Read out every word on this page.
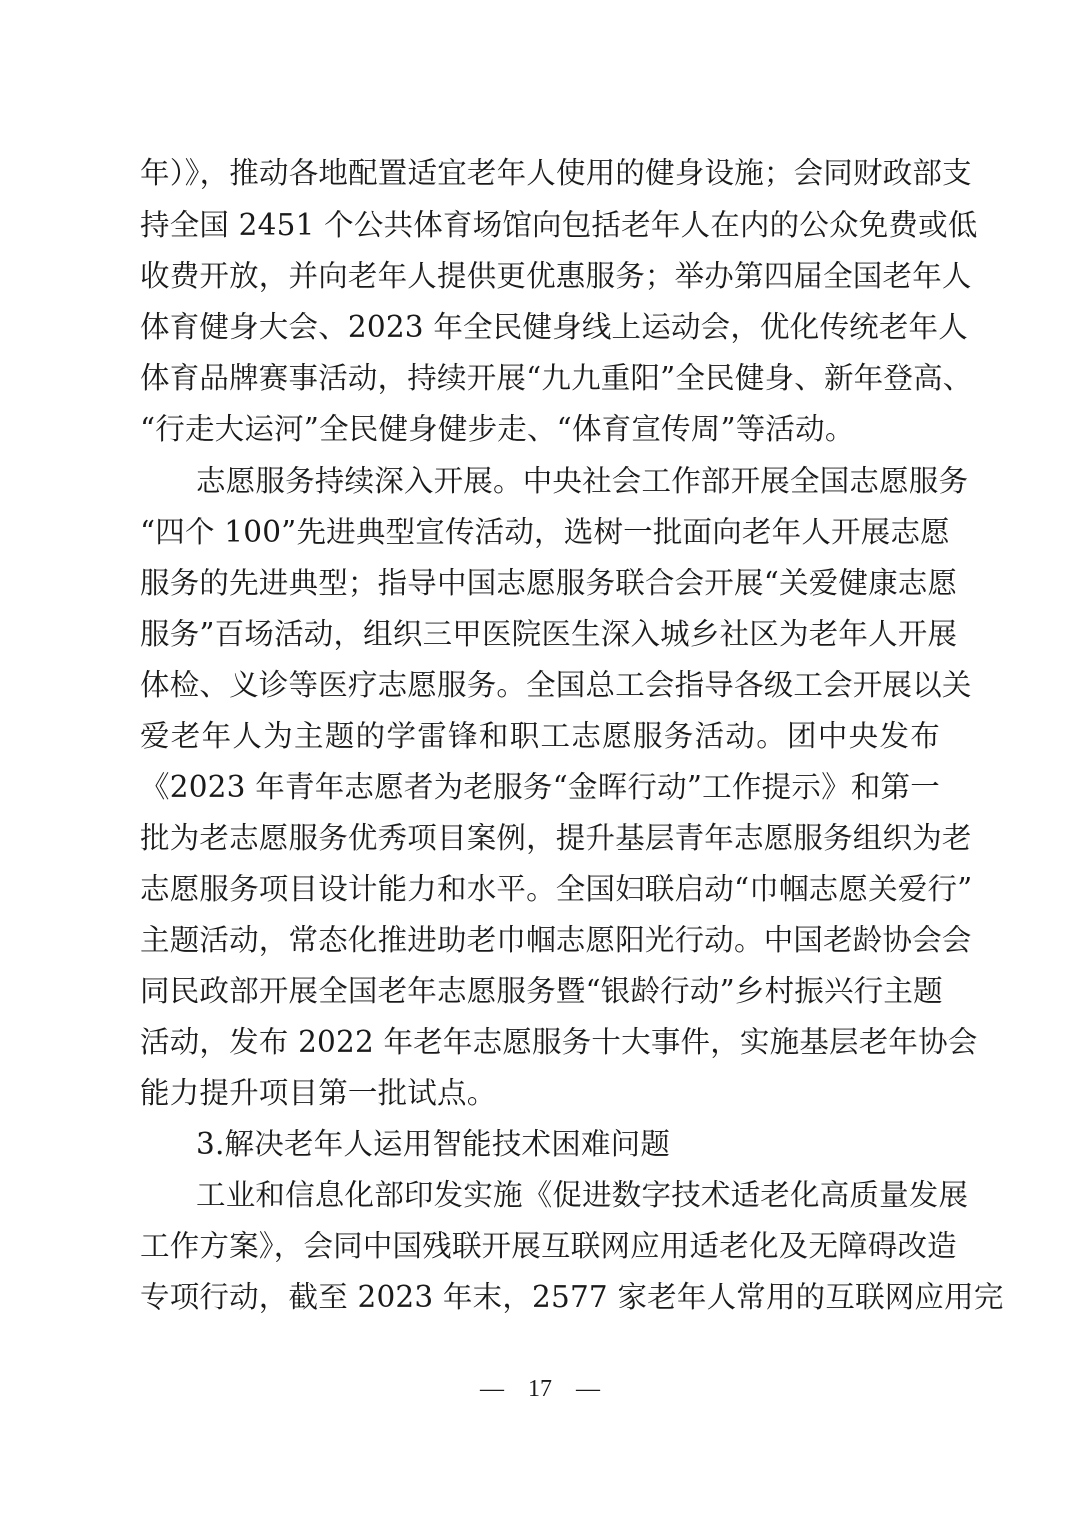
年）》，推动各地配置适宜老年人使用的健身设施；会同财政部支
持全国 2451 个公共体育场馆向包括老年人在内的公众免费或低
收费开放，并向老年人提供更优惠服务；举办第四届全国老年人
体育健身大会、2023 年全民健身线上运动会，优化传统老年人
体育品牌赛事活动，持续开展“九九重阳”全民健身、新年登高、
“行走大运河”全民健身健步走、“体育宣传周”等活动。
志愿服务持续深入开展。中央社会工作部开展全国志愿服务
“四个 100”先进典型宣传活动，选树一批面向老年人开展志愿
服务的先进典型；指导中国志愿服务联合会开展“关爱健康志愿
服务”百场活动，组织三甲医院医生深入城乡社区为老年人开展
体检、义诊等医疗志愿服务。全国总工会指导各级工会开展以关
爱老年人为主题的学雷锋和职工志愿服务活动。团中央发布
《2023 年青年志愿者为老服务“金晖行动”工作提示》和第一
批为老志愿服务优秀项目案例，提升基层青年志愿服务组织为老
志愿服务项目设计能力和水平。全国妇联启动“巾帼志愿关爱行”
主题活动，常态化推进助老巾帼志愿阳光行动。中国老龄协会会
同民政部开展全国老年志愿服务暨“银龄行动”乡村振兴行主题
活动，发布 2022 年老年志愿服务十大事件，实施基层老年协会
能力提升项目第一批试点。
3.解决老年人运用智能技术困难问题
工业和信息化部印发实施《促进数字技术适老化高质量发展
工作方案》，会同中国残联开展互联网应用适老化及无障碍改造
专项行动，截至 2023 年末，2577 家老年人常用的互联网应用完
—　17　—
